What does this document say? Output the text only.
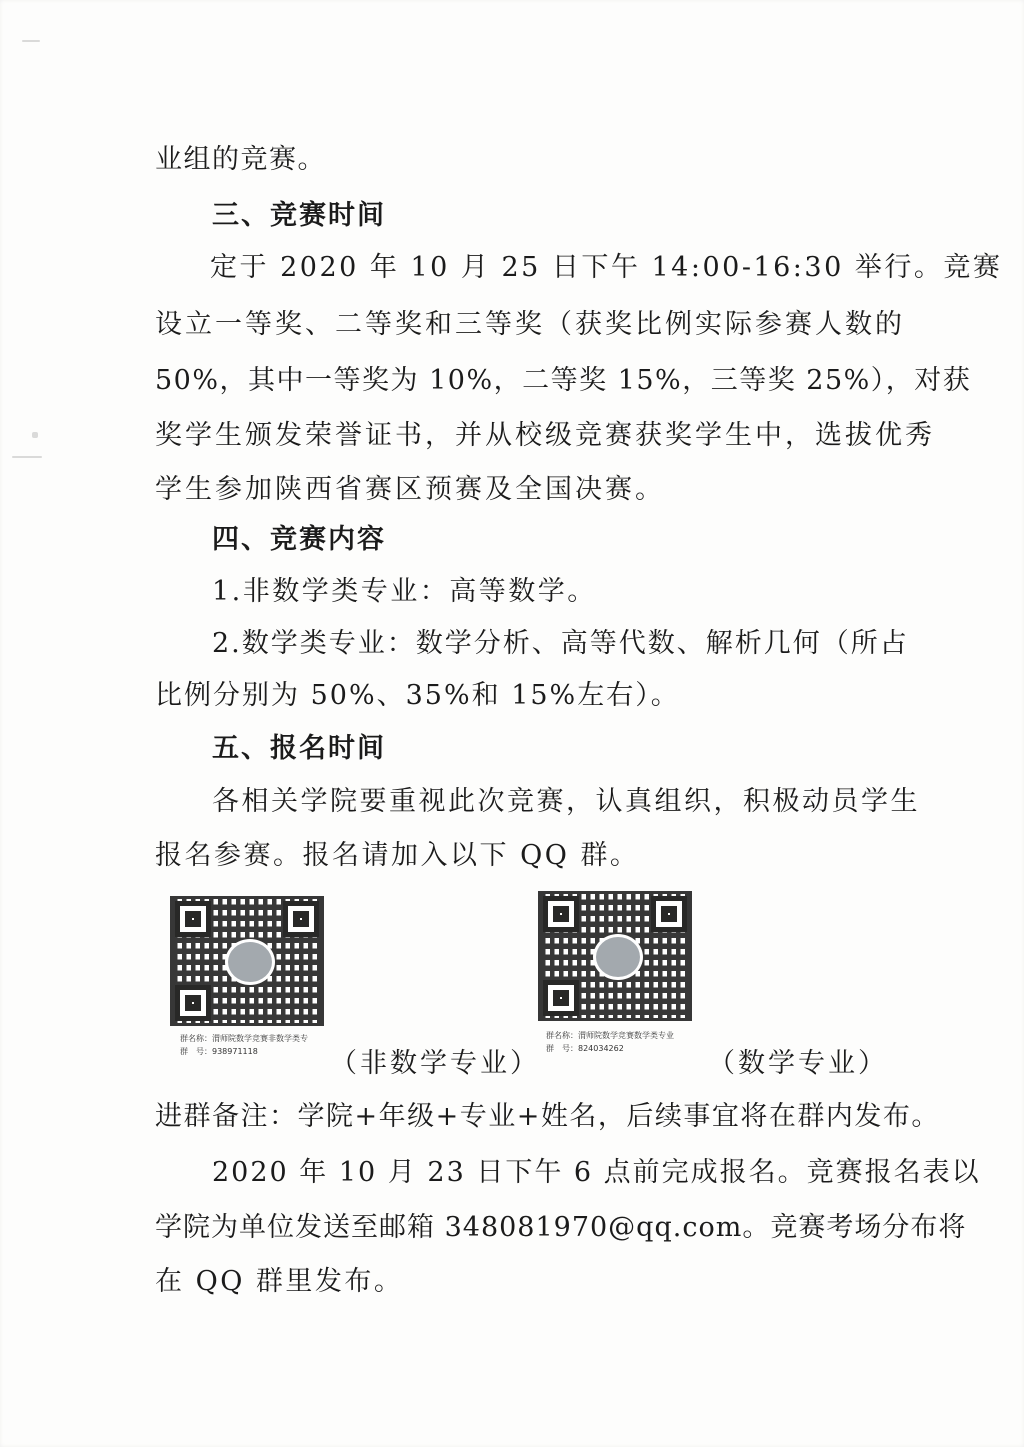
业组的竞赛。
三、竞赛时间
定于 2020 年 10 月 25 日下午 14:00-16:30 举行。竞赛
设立一等奖、二等奖和三等奖（获奖比例实际参赛人数的
50%，其中一等奖为 10%，二等奖 15%，三等奖 25%），对获
奖学生颁发荣誉证书，并从校级竞赛获奖学生中，选拔优秀
学生参加陕西省赛区预赛及全国决赛。
四、竞赛内容
1.非数学类专业：高等数学。
2.数学类专业：数学分析、高等代数、解析几何（所占
比例分别为 50%、35%和 15%左右）。
五、报名时间
各相关学院要重视此次竞赛，认真组织，积极动员学生
报名参赛。报名请加入以下 QQ 群。
群名称：渭师院数学竞赛非数学类专
群　号：938971118	（非数学专业）
群名称：渭师院数学竞赛数学类专业
群　号：824034262	（数学专业）
进群备注：学院+年级+专业+姓名，后续事宜将在群内发布。
2020 年 10 月 23 日下午 6 点前完成报名。竞赛报名表以
学院为单位发送至邮箱 348081970@qq.com。竞赛考场分布将
在 QQ 群里发布。
